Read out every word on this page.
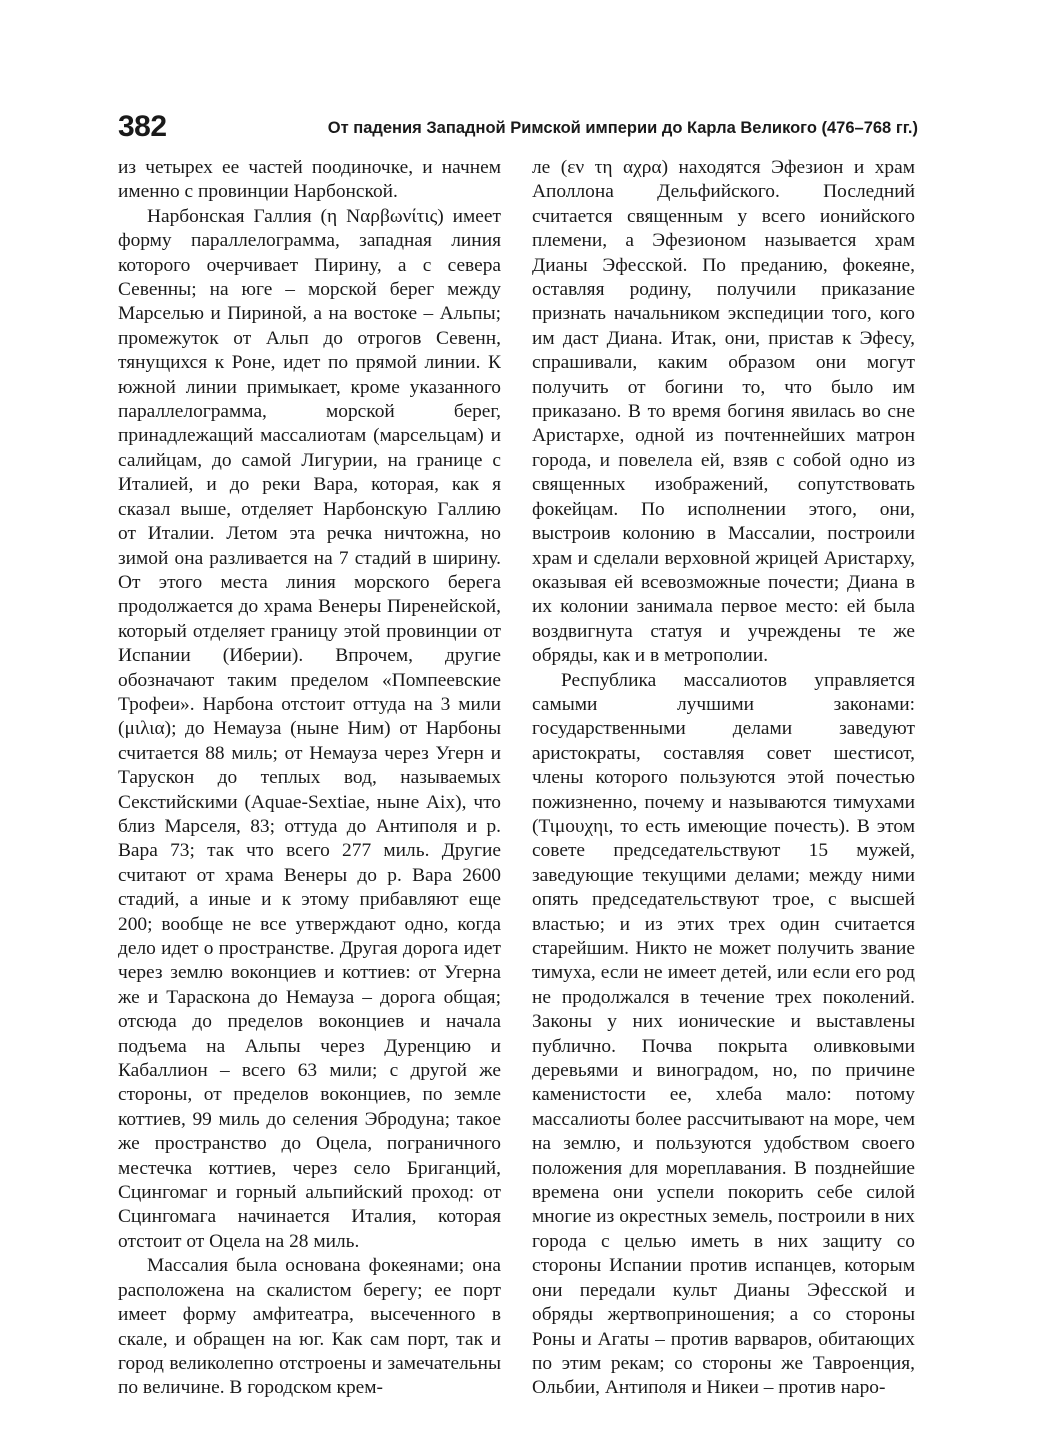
382	От падения Западной Римской империи до Карла Великого (476–768 гг.)

из четырех ее частей поодиночке, и начнем именно с провинции Нарбонской.

Нарбонская Галлия (η Ναρβωνίτις) имеет форму параллелограмма, западная линия которого очерчивает Пирину, а с севера Севенны; на юге – морской берег между Марселью и Пириной, а на востоке – Альпы; промежуток от Альп до отрогов Севенн, тянущихся к Роне, идет по прямой линии. К южной линии примыкает, кроме указанного параллелограмма, морской берег, принадлежащий массалиотам (марсельцам) и салийцам, до самой Лигурии, на границе с Италией, и до реки Вара, которая, как я сказал выше, отделяет Нарбонскую Галлию от Италии. Летом эта речка ничтожна, но зимой она разливается на 7 стадий в ширину. От этого места линия морского берега продолжается до храма Венеры Пиренейской, который отделяет границу этой провинции от Испании (Иберии). Впрочем, другие обозначают таким пределом «Помпеевские Трофеи». Нарбона отстоит оттуда на 3 мили (μιλια); до Немауза (ныне Ним) от Нарбоны считается 88 миль; от Немауза через Угерн и Тарускон до теплых вод, называемых Секстийскими (Aquae-Sextiae, ныне Aix), что близ Марселя, 83; оттуда до Антиполя и р. Вара 73; так что всего 277 миль. Другие считают от храма Венеры до р. Вара 2600 стадий, а иные и к этому прибавляют еще 200; вообще не все утверждают одно, когда дело идет о пространстве. Другая дорога идет через землю воконциев и коттиев: от Угерна же и Тараскона до Немауза – дорога общая; отсюда до пределов воконциев и начала подъема на Альпы через Дуренцию и Кабаллион – всего 63 мили; с другой же стороны, от пределов воконциев, по земле коттиев, 99 миль до селения Эбродуна; такое же пространство до Оцела, пограничного местечка коттиев, через село Бриганций, Сцингомаг и горный альпийский проход: от Сцингомага начинается Италия, которая отстоит от Оцела на 28 миль.

Массалия была основана фокеянами; она расположена на скалистом берегу; ее порт имеет форму амфитеатра, высеченного в скале, и обращен на юг. Как сам порт, так и город великолепно отстроены и замечательны по величине. В городском крем-

ле (εν τη αχρα) находятся Эфезион и храм Аполлона Дельфийского. Последний считается священным у всего ионийского племени, а Эфезионом называется храм Дианы Эфесской. По преданию, фокеяне, оставляя родину, получили приказание признать начальником экспедиции того, кого им даст Диана. Итак, они, пристав к Эфесу, спрашивали, каким образом они могут получить от богини то, что было им приказано. В то время богиня явилась во сне Аристархе, одной из почтеннейших матрон города, и повелела ей, взяв с собой одно из священных изображений, сопутствовать фокейцам. По исполнении этого, они, выстроив колонию в Массалии, построили храм и сделали верховной жрицей Аристарху, оказывая ей всевозможные почести; Диана в их колонии занимала первое место: ей была воздвигнута статуя и учреждены те же обряды, как и в метрополии.

Республика массалиотов управляется самыми лучшими законами: государственными делами заведуют аристократы, составляя совет шестисот, члены которого пользуются этой почестью пожизненно, почему и называются тимухами (Τιμουχηι, то есть имеющие почесть). В этом совете председательствуют 15 мужей, заведующие текущими делами; между ними опять председательствуют трое, с высшей властью; и из этих трех один считается старейшим. Никто не может получить звание тимуха, если не имеет детей, или если его род не продолжался в течение трех поколений. Законы у них ионические и выставлены публично. Почва покрыта оливковыми деревьями и виноградом, но, по причине каменистости ее, хлеба мало: потому массалиоты более рассчитывают на море, чем на землю, и пользуются удобством своего положения для мореплавания. В позднейшие времена они успели покорить себе силой многие из окрестных земель, построили в них города с целью иметь в них защиту со стороны Испании против испанцев, которым они передали культ Дианы Эфесской и обряды жертвоприношения; а со стороны Роны и Агаты – против варваров, обитающих по этим рекам; со стороны же Тавроенция, Ольбии, Антиполя и Никеи – против наро-
